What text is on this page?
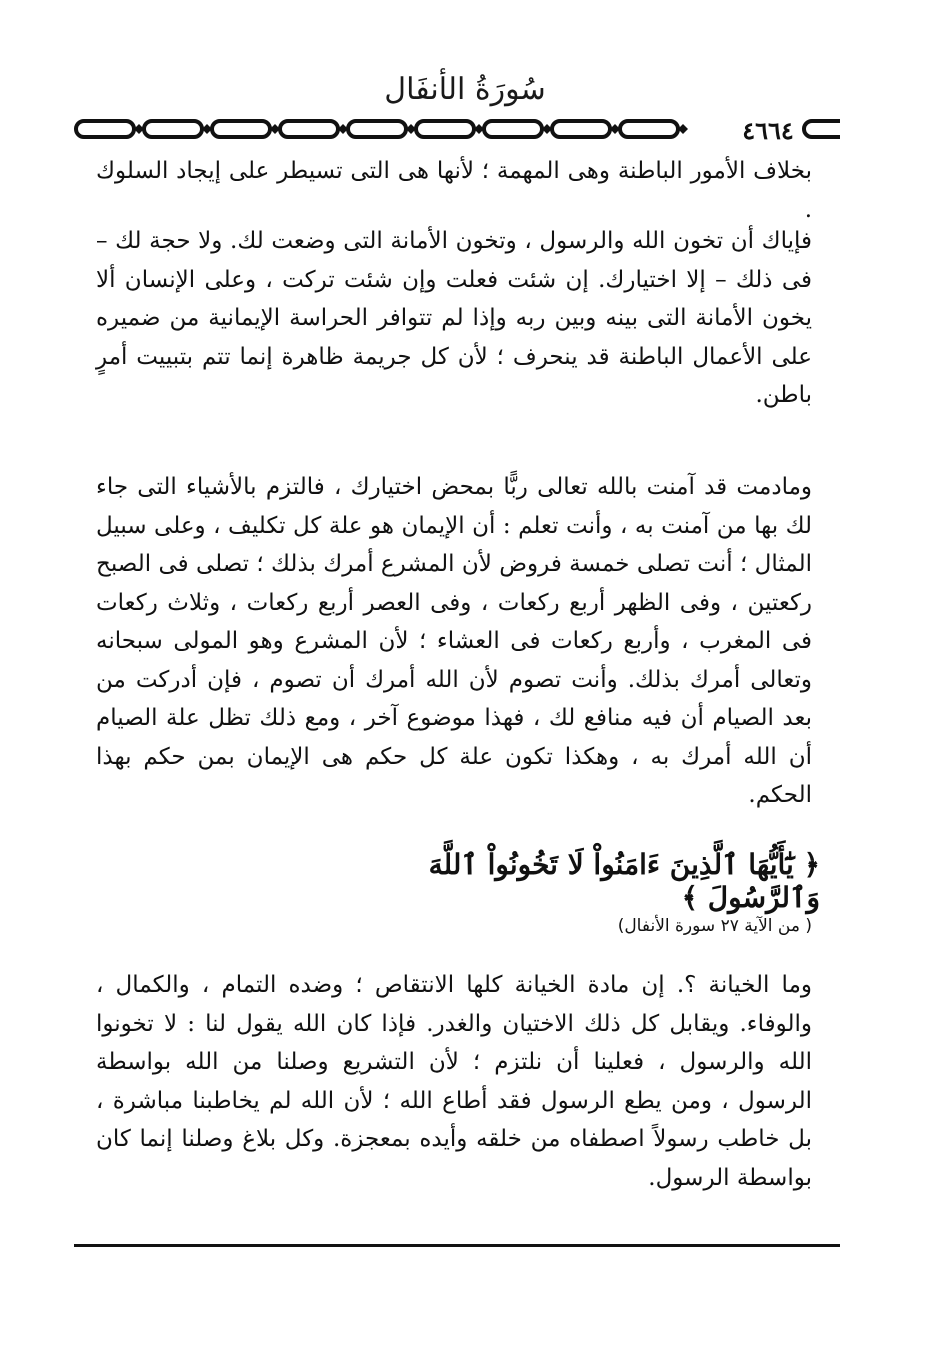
سُورَةُ الأنفَال
٤٦٦٤
بخلاف الأمور الباطنة وهى المهمة ؛ لأنها هى التى تسيطر على إيجاد السلوك .
فإياك أن تخون الله والرسول ، وتخون الأمانة التى وضعت لك. ولا حجة لك – فى ذلك – إلا اختيارك. إن شئت فعلت وإن شئت تركت ، وعلى الإنسان ألا يخون الأمانة التى بينه وبين ربه وإذا لم تتوافر الحراسة الإيمانية من ضميره على الأعمال الباطنة قد ينحرف ؛ لأن كل جريمة ظاهرة إنما تتم بتبييت أمرٍ باطن.
ومادمت قد آمنت بالله تعالى ربًّا بمحض اختيارك ، فالتزم بالأشياء التى جاء لك بها من آمنت به ، وأنت تعلم : أن الإيمان هو علة كل تكليف ، وعلى سبيل المثال ؛ أنت تصلى خمسة فروض لأن المشرع أمرك بذلك ؛ تصلى فى الصبح ركعتين ، وفى الظهر أربع ركعات ، وفى العصر أربع ركعات ، وثلاث ركعات فى المغرب ، وأربع ركعات فى العشاء ؛ لأن المشرع وهو المولى سبحانه وتعالى أمرك بذلك. وأنت تصوم لأن الله أمرك أن تصوم ، فإن أدركت من بعد الصيام أن فيه منافع لك ، فهذا موضوع آخر ، ومع ذلك تظل علة الصيام أن الله أمرك به ، وهكذا تكون علة كل حكم هى الإيمان بمن حكم بهذا الحكم.
﴿ يَٰٓأَيُّهَا ٱلَّذِينَ ءَامَنُواْ لَا تَخُونُواْ ٱللَّهَ وَٱلرَّسُولَ ﴾
( من الآية ٢٧ سورة الأنفال)
وما الخيانة ؟. إن مادة الخيانة كلها الانتقاص ؛ وضده التمام ، والكمال ، والوفاء. ويقابل كل ذلك الاختيان والغدر. فإذا كان الله يقول لنا : لا تخونوا الله والرسول ، فعلينا أن نلتزم ؛ لأن التشريع وصلنا من الله بواسطة الرسول ، ومن يطع الرسول فقد أطاع الله ؛ لأن الله لم يخاطبنا مباشرة ، بل خاطب رسولاً اصطفاه من خلقه وأيده بمعجزة. وكل بلاغ وصلنا إنما كان بواسطة الرسول.
